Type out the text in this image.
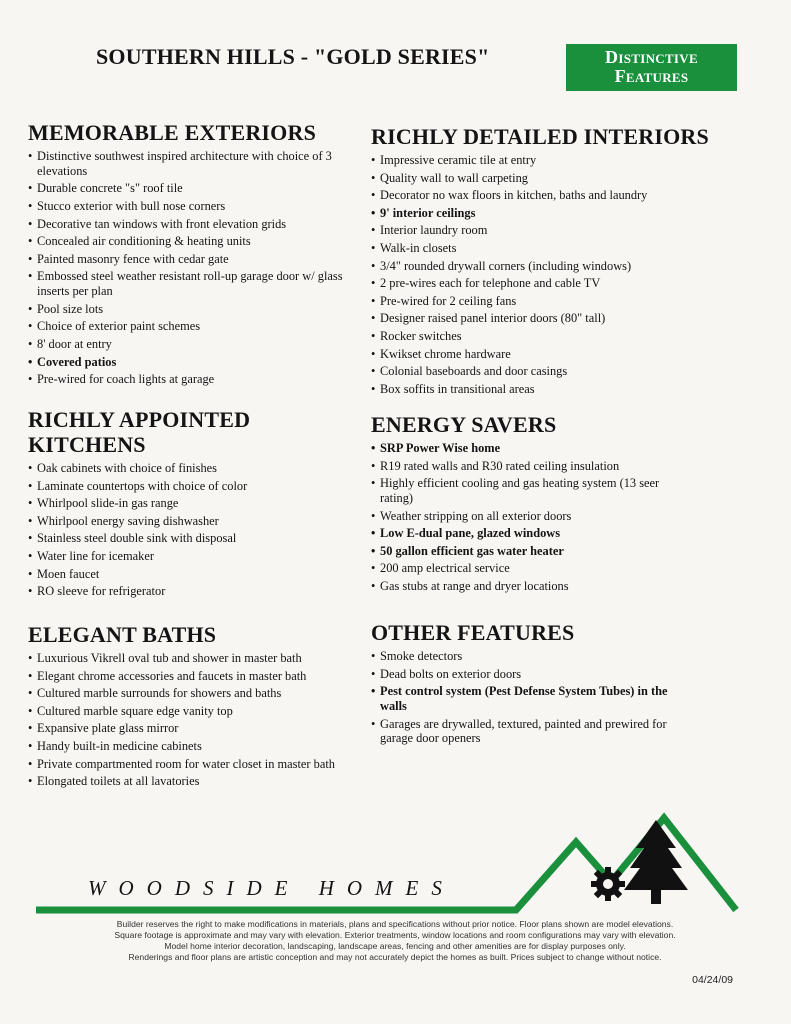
SOUTHERN HILLS - "GOLD SERIES"	Distinctive
Features
MEMORABLE EXTERIORS
• Distinctive southwest inspired architecture with choice of 3 elevations
• Durable concrete "s" roof tile
• Stucco exterior with bull nose corners
• Decorative tan windows with front elevation grids
• Concealed air conditioning & heating units
• Painted masonry fence with cedar gate
• Embossed steel weather resistant roll-up garage door w/ glass inserts per plan
• Pool size lots
• Choice of exterior paint schemes
• 8' door at entry
• Covered patios
• Pre-wired for coach lights at garage
RICHLY DETAILED INTERIORS
• Impressive ceramic tile at entry
• Quality wall to wall carpeting
• Decorator no wax floors in kitchen, baths and laundry
• 9' interior ceilings
• Interior laundry room
• Walk-in closets
• 3/4" rounded drywall corners (including windows)
• 2 pre-wires each for telephone and cable TV
• Pre-wired for 2 ceiling fans
• Designer raised panel interior doors (80" tall)
• Rocker switches
• Kwikset chrome hardware
• Colonial baseboards and door casings
• Box soffits in transitional areas
RICHLY APPOINTED KITCHENS
• Oak cabinets with choice of finishes
• Laminate countertops with choice of color
• Whirlpool slide-in gas range
• Whirlpool energy saving dishwasher
• Stainless steel double sink with disposal
• Water line for icemaker
• Moen faucet
• RO sleeve for refrigerator
ENERGY SAVERS
• SRP Power Wise home
• R19 rated walls and R30 rated ceiling insulation
• Highly efficient cooling and gas heating system (13 seer rating)
• Weather stripping on all exterior doors
• Low E-dual pane, glazed windows
• 50 gallon efficient gas water heater
• 200 amp electrical service
• Gas stubs at range and dryer locations
ELEGANT BATHS
• Luxurious Vikrell oval tub and shower in master bath
• Elegant chrome accessories and faucets in master bath
• Cultured marble surrounds for showers and baths
• Cultured marble square edge vanity top
• Expansive plate glass mirror
• Handy built-in medicine cabinets
• Private compartmented room for water closet in master bath
• Elongated toilets at all lavatories
OTHER FEATURES
• Smoke detectors
• Dead bolts on exterior doors
• Pest control system (Pest Defense System Tubes) in the walls
• Garages are drywalled, textured, painted and prewired for garage door openers
WOODSIDE HOMES
Builder reserves the right to make modifications in materials, plans and specifications without prior notice. Floor plans shown are model elevations.
Square footage is approximate and may vary with elevation. Exterior treatments, window locations and room configurations may vary with elevation.
Model home interior decoration, landscaping, landscape areas, fencing and other amenities are for display purposes only.
Renderings and floor plans are artistic conception and may not accurately depict the homes as built. Prices subject to change without notice.
04/24/09
